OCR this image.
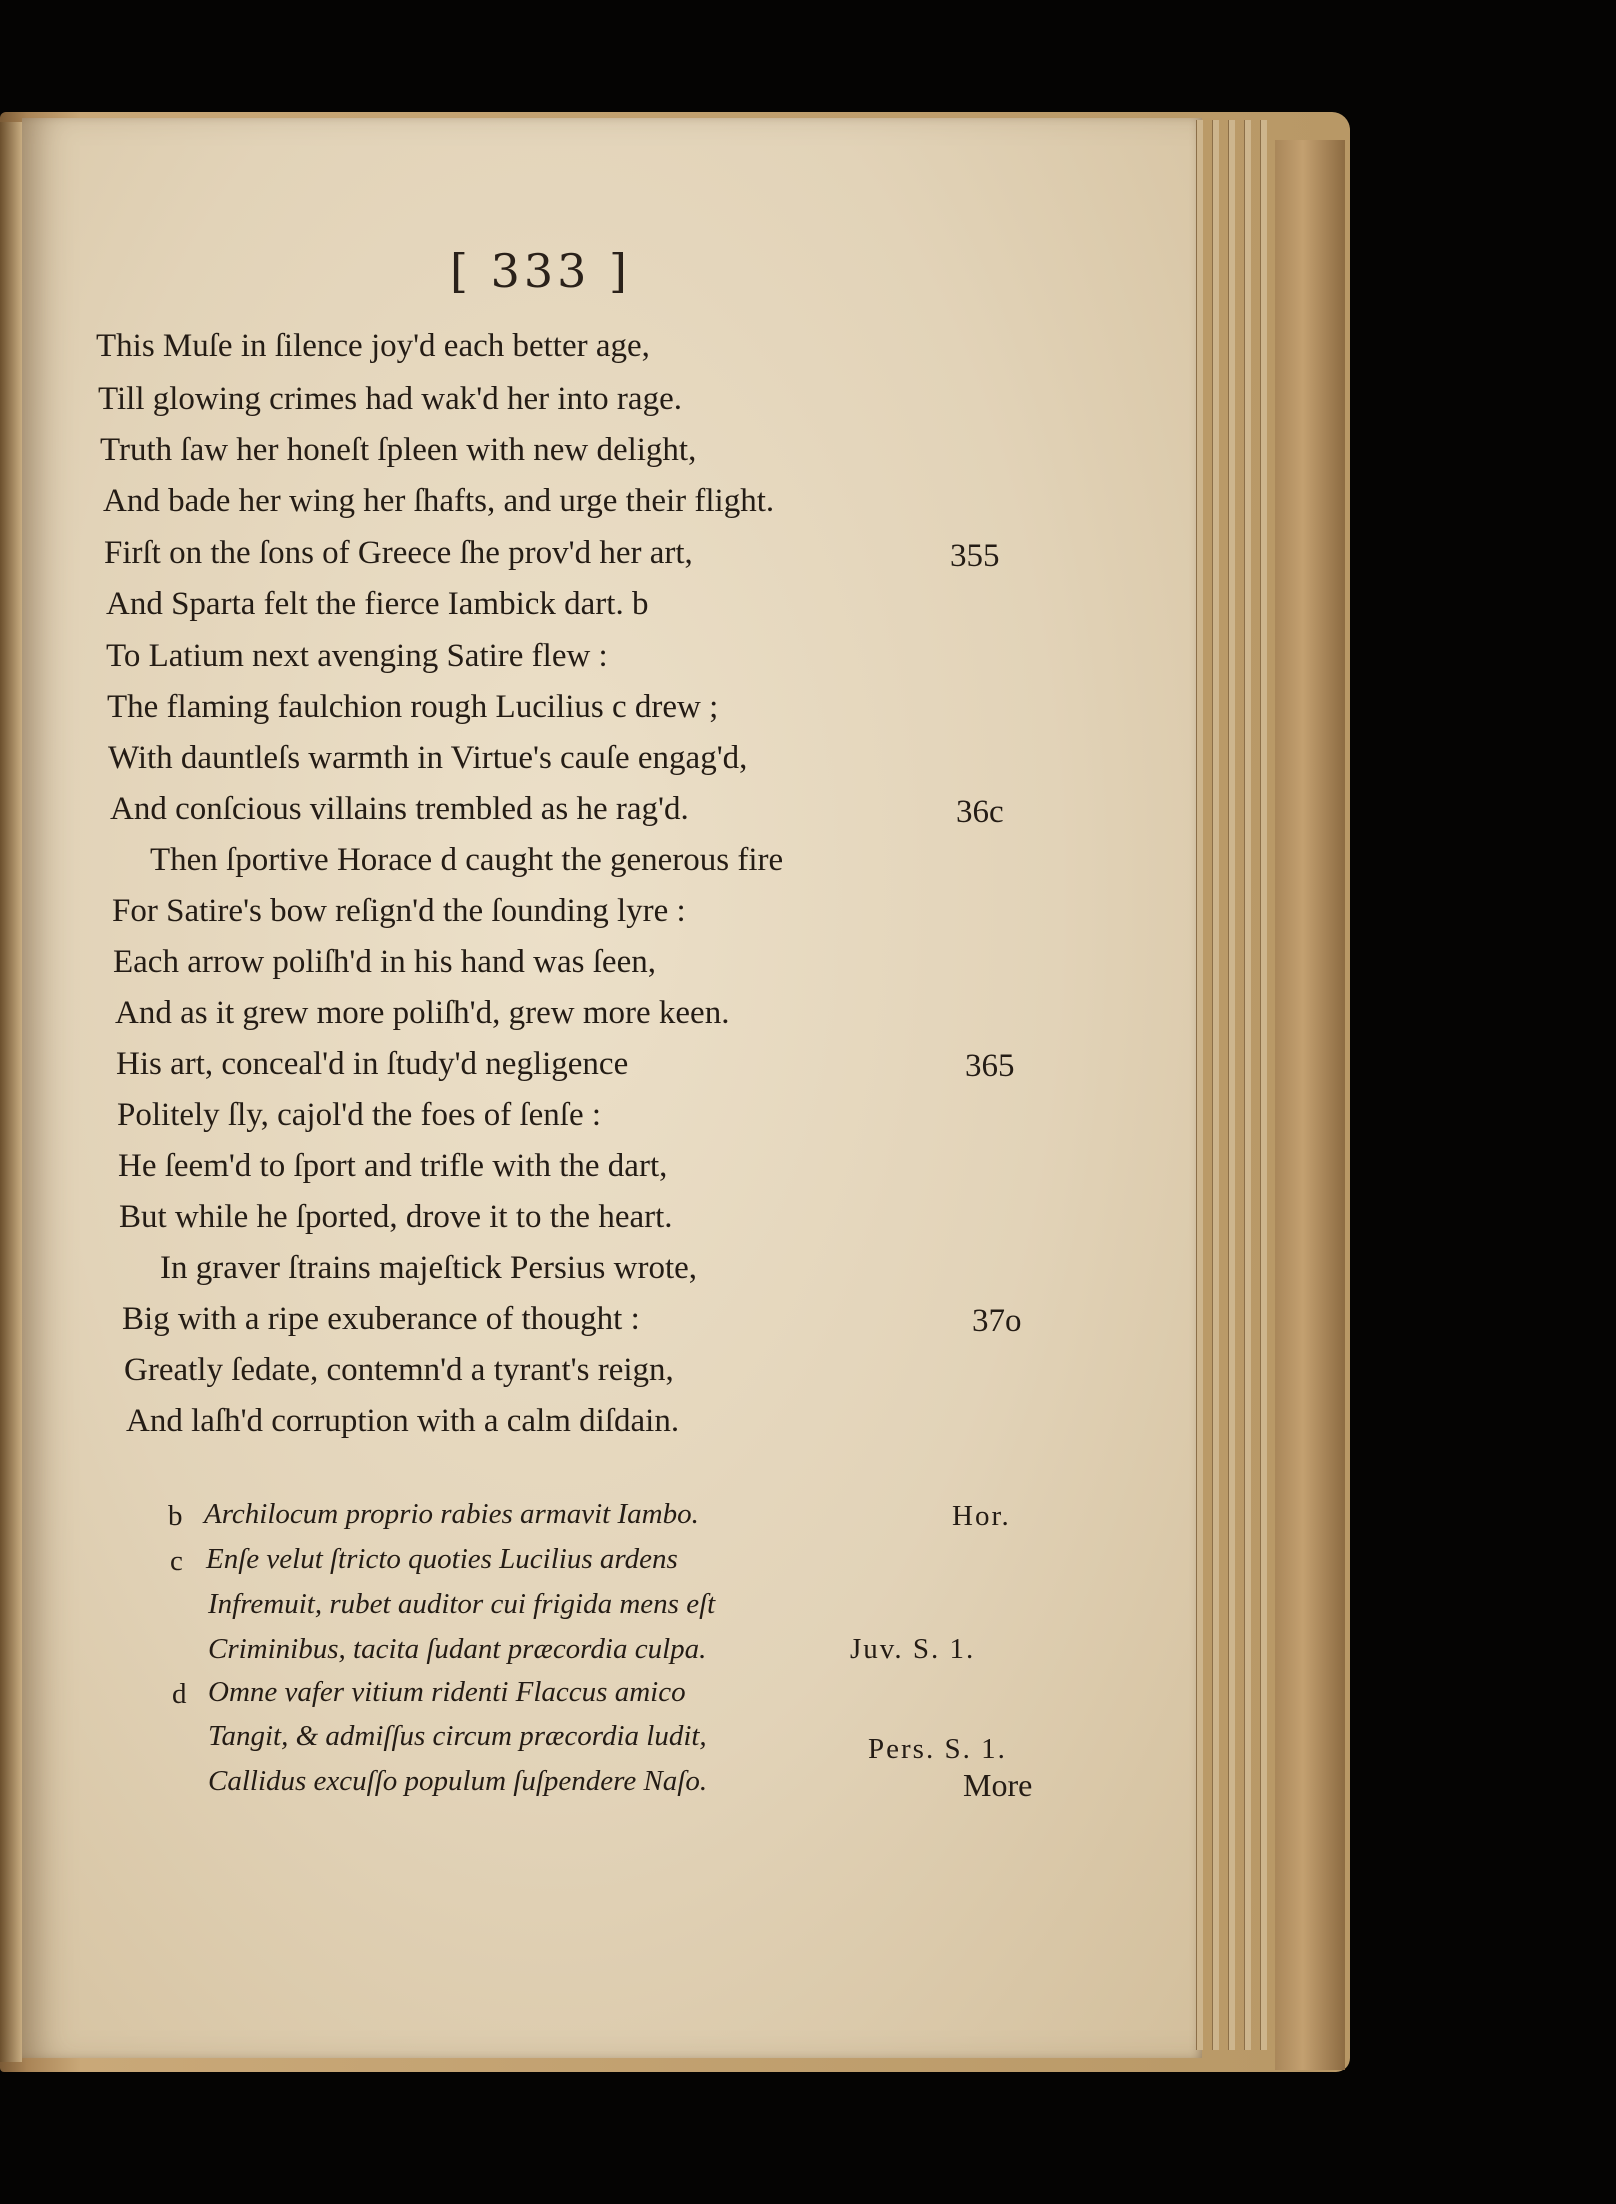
[ 333 ]
This Muſe in ſilence joy'd each better age,
Till glowing crimes had wak'd her into rage.
Truth ſaw her honeſt ſpleen with new delight,
And bade her wing her ſhafts, and urge their flight.
Firſt on the ſons of Greece ſhe prov'd her art,
And Sparta felt the fierce Iambick dart. b
To Latium next avenging Satire flew :
The flaming faulchion rough Lucilius c drew ;
With dauntleſs warmth in Virtue's cauſe engag'd,
And conſcious villains trembled as he rag'd.
Then ſportive Horace d caught the generous fire
For Satire's bow reſign'd the ſounding lyre :
Each arrow poliſh'd in his hand was ſeen,
And as it grew more poliſh'd, grew more keen.
His art, conceal'd in ſtudy'd negligence
Politely ſly, cajol'd the foes of ſenſe :
He ſeem'd to ſport and trifle with the dart,
But while he ſported, drove it to the heart.
In graver ſtrains majeſtick Persius wrote,
Big with a ripe exuberance of thought :
Greatly ſedate, contemn'd a tyrant's reign,
And laſh'd corruption with a calm diſdain.
355
36c
365
37o
b Archilocum proprio rabies armavit Iambo.	Hor.
c Enſe velut ſtricto quoties Lucilius ardens
Infremuit, rubet auditor cui frigida mens eſt
Criminibus, tacita ſudant præcordia culpa.	Juv. S. 1.
d Omne vafer vitium ridenti Flaccus amico
Tangit, & admiſſus circum præcordia ludit,
Callidus excuſſo populum ſuſpendere Naſo.
Pers. S. 1.
More
